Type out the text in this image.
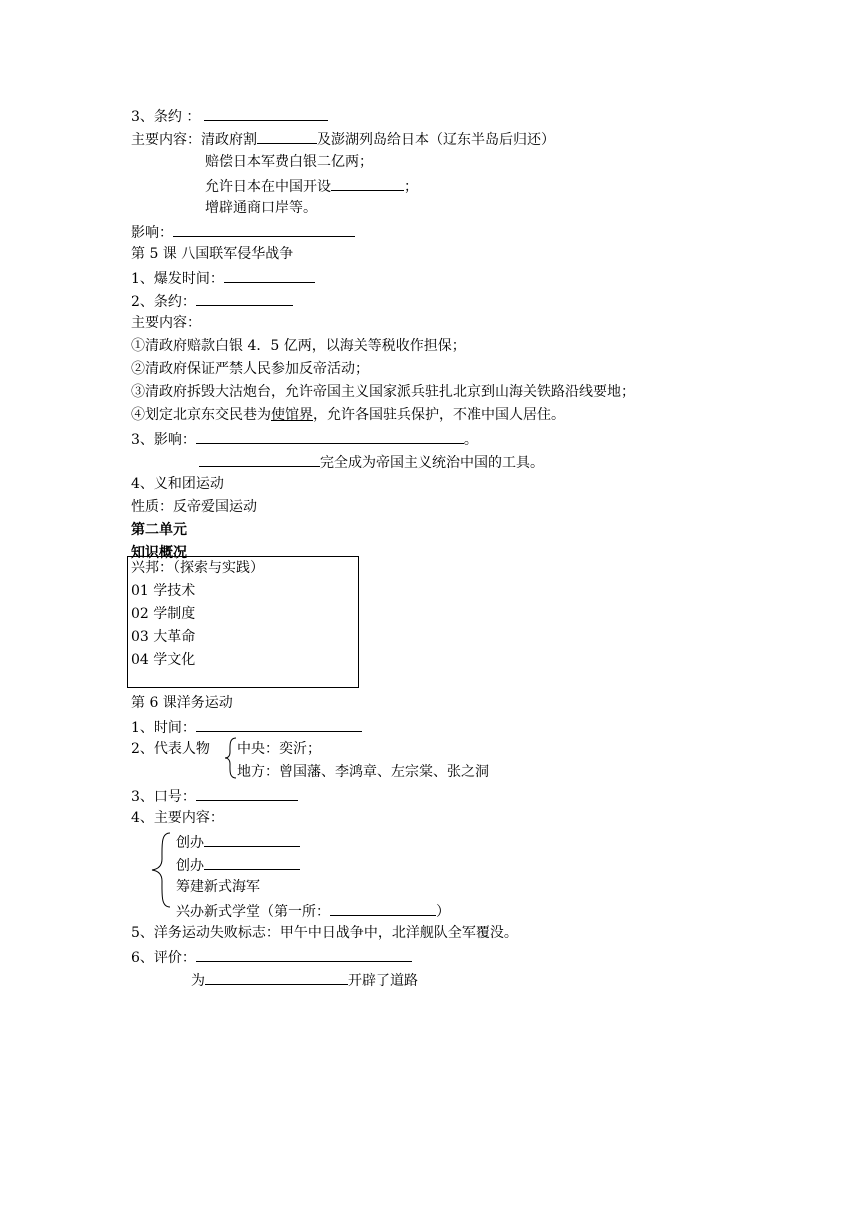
3、条约 ：
主要内容：清政府割	及澎湖列岛给日本（辽东半岛后归还）
赔偿日本军费白银二亿两；
允许日本在中国开设	；
增辟通商口岸等。
影响：
第 5 课 八国联军侵华战争
1、爆发时间：
2、条约：
主要内容：
①清政府赔款白银 4．5 亿两，以海关等税收作担保；
②清政府保证严禁人民参加反帝活动；
③清政府拆毁大沽炮台，允许帝国主义国家派兵驻扎北京到山海关铁路沿线要地；
④划定北京东交民巷为使馆界，允许各国驻兵保护，不准中国人居住。
3、影响：	。
完全成为帝国主义统治中国的工具。
4、义和团运动
性质：反帝爱国运动
第二单元
知识概况
兴邦：（探索与实践）
01 学技术
02 学制度
03 大革命
04 学文化
第 6 课洋务运动
1、时间：
2、代表人物 中央：奕沂；
地方：曾国藩、李鸿章、左宗棠、张之洞
3、口号：
4、主要内容：
创办
创办
筹建新式海军
兴办新式学堂（第一所：	）
5、洋务运动失败标志：甲午中日战争中，北洋舰队全军覆没。
6、评价：
为	开辟了道路
